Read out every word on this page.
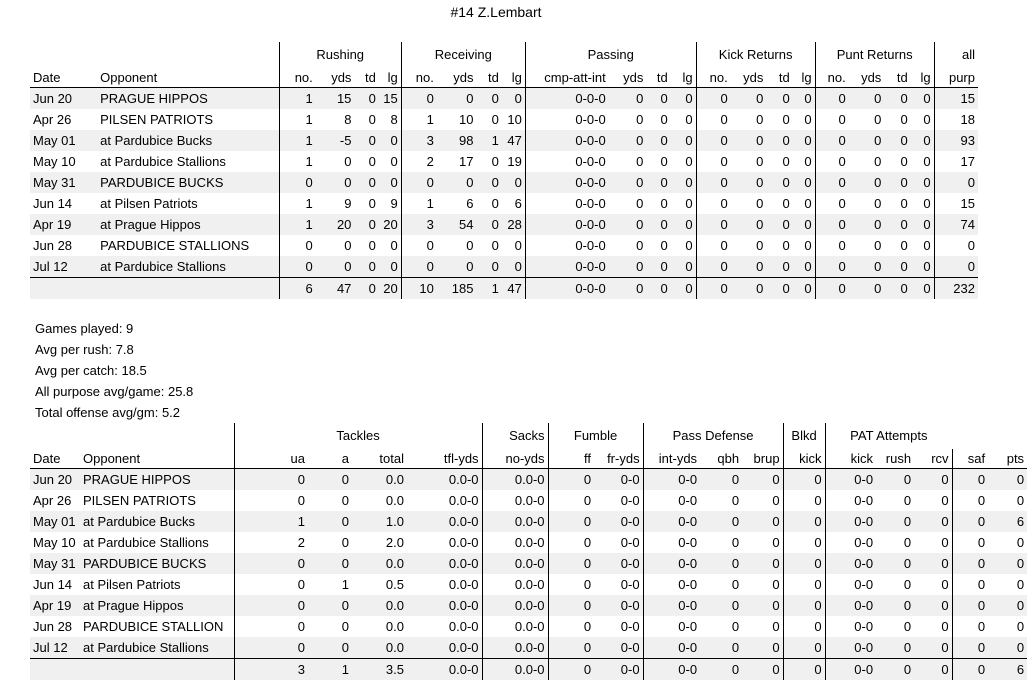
#14 Z.Lembart
		Rushing				Receiving				Passing				Kick Returns				Punt Returns				all
Date	Opponent	no.	yds	td	lg	no.	yds	td	lg	cmp-att-int	yds	td	lg	no.	yds	td	lg	no.	yds	td	lg	purp
Jun 20	PRAGUE HIPPOS	1	15	0	15	0	0	0	0	0-0-0	0	0	0	0	0	0	0	0	0	0	0	15
Apr 26	PILSEN PATRIOTS	1	8	0	8	1	10	0	10	0-0-0	0	0	0	0	0	0	0	0	0	0	0	18
May 01	at Pardubice Bucks	1	-5	0	0	3	98	1	47	0-0-0	0	0	0	0	0	0	0	0	0	0	0	93
May 10	at Pardubice Stallions	1	0	0	0	2	17	0	19	0-0-0	0	0	0	0	0	0	0	0	0	0	0	17
May 31	PARDUBICE BUCKS	0	0	0	0	0	0	0	0	0-0-0	0	0	0	0	0	0	0	0	0	0	0	0
Jun 14	at Pilsen Patriots	1	9	0	9	1	6	0	6	0-0-0	0	0	0	0	0	0	0	0	0	0	0	15
Apr 19	at Prague Hippos	1	20	0	20	3	54	0	28	0-0-0	0	0	0	0	0	0	0	0	0	0	0	74
Jun 28	PARDUBICE STALLIONS	0	0	0	0	0	0	0	0	0-0-0	0	0	0	0	0	0	0	0	0	0	0	0
Jul 12	at Pardubice Stallions	0	0	0	0	0	0	0	0	0-0-0	0	0	0	0	0	0	0	0	0	0	0	0
		6	47	0	20	10	185	1	47	0-0-0	0	0	0	0	0	0	0	0	0	0	0	232
Games played: 9
Avg per rush: 7.8
Avg per catch: 18.5
All purpose avg/game: 25.8
Total offense avg/gm: 5.2
		Tackles				Sacks	Fumble		Pass Defense			Blkd	PAT Attempts				
Date	Opponent	ua	a	total	tfl-yds	no-yds	ff	fr-yds	int-yds	qbh	brup	kick	kick	rush	rcv	saf	pts
Jun 20	PRAGUE HIPPOS	0	0	0.0	0.0-0	0.0-0	0	0-0	0-0	0	0	0	0-0	0	0	0	0
Apr 26	PILSEN PATRIOTS	0	0	0.0	0.0-0	0.0-0	0	0-0	0-0	0	0	0	0-0	0	0	0	0
May 01	at Pardubice Bucks	1	0	1.0	0.0-0	0.0-0	0	0-0	0-0	0	0	0	0-0	0	0	0	6
May 10	at Pardubice Stallions	2	0	2.0	0.0-0	0.0-0	0	0-0	0-0	0	0	0	0-0	0	0	0	0
May 31	PARDUBICE BUCKS	0	0	0.0	0.0-0	0.0-0	0	0-0	0-0	0	0	0	0-0	0	0	0	0
Jun 14	at Pilsen Patriots	0	1	0.5	0.0-0	0.0-0	0	0-0	0-0	0	0	0	0-0	0	0	0	0
Apr 19	at Prague Hippos	0	0	0.0	0.0-0	0.0-0	0	0-0	0-0	0	0	0	0-0	0	0	0	0
Jun 28	PARDUBICE STALLION	0	0	0.0	0.0-0	0.0-0	0	0-0	0-0	0	0	0	0-0	0	0	0	0
Jul 12	at Pardubice Stallions	0	0	0.0	0.0-0	0.0-0	0	0-0	0-0	0	0	0	0-0	0	0	0	0
		3	1	3.5	0.0-0	0.0-0	0	0-0	0-0	0	0	0	0-0	0	0	0	6
